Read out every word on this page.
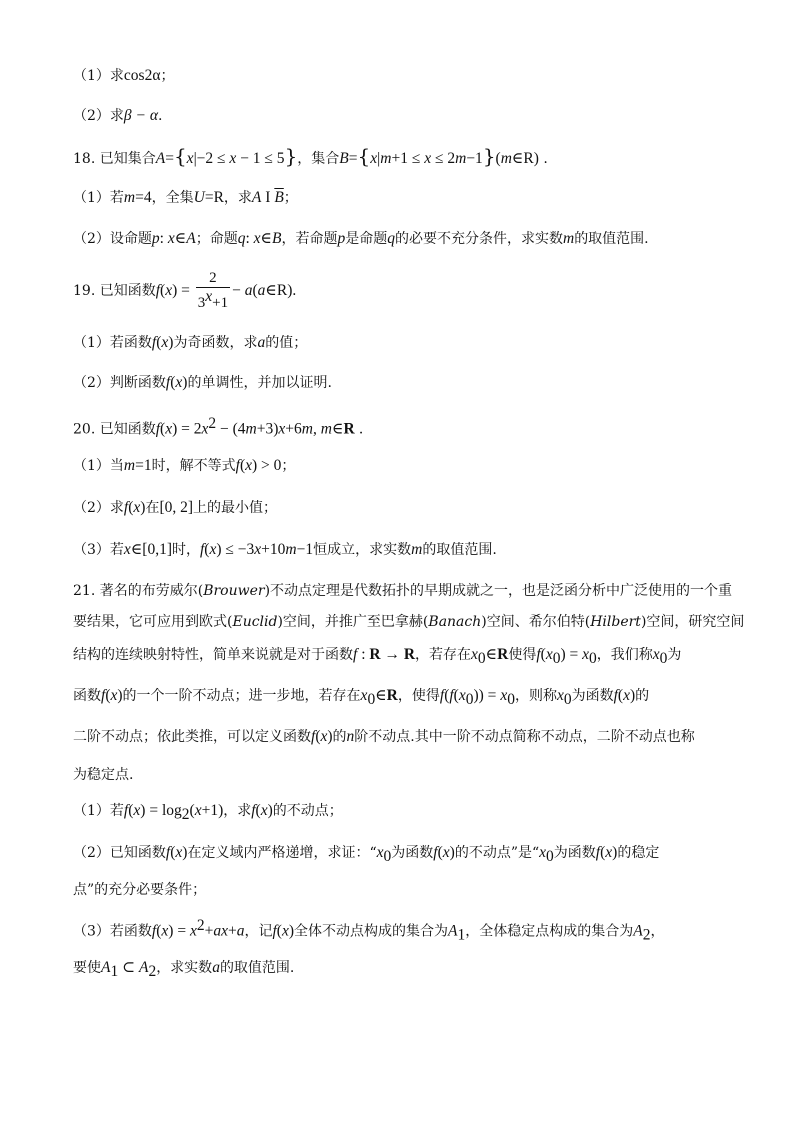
（1）求cos2α；
（2）求β − α.
18. 已知集合A={x|−2 ≤ x − 1 ≤ 5}，集合B={x|m+1 ≤ x ≤ 2m−1}(m∈R) .
（1）若m=4，全集U=R，求A I $\overline{B}$；
（2）设命题p: x∈A；命题q: x∈B，若命题p是命题q的必要不充分条件，求实数m的取值范围.
19. 已知函数$f(x) = \frac{2}{3^x+1}$ − a(a∈R).
（1）若函数f(x)为奇函数，求a的值；
（2）判断函数f(x)的单调性，并加以证明.
20. 已知函数$f(x) = 2x^2 - (4m+3)x+6m$, m∈R .
（1）当m=1时，解不等式f(x) > 0；
（2）求f(x)在[0, 2]上的最小值；
（3）若x∈[0,1]时，f(x) ≤ −3x+10m−1恒成立，求实数m的取值范围.
21. 著名的布劳威尔(Brouwer)不动点定理是代数拓扑的早期成就之一，也是泛函分析中广泛使用的一个重
要结果，它可应用到欧式(Euclid)空间，并推广至巴拿赫(Banach)空间、希尔伯特(Hilbert)空间，研究空间
结构的连续映射特性，简单来说就是对于函数f : R → R，若存在$x_0\in R$使得$f(x_0) = x_0$，我们称$x_0$为
函数f(x)的一个一阶不动点；进一步地，若存在$x_0\in R$，使得$f(f(x_0)) = x_0$，则称$x_0$为函数f(x)的
二阶不动点；依此类推，可以定义函数f(x)的n阶不动点.其中一阶不动点简称不动点，二阶不动点也称
为稳定点.
（1）若$f(x) = \log_2(x+1)$，求f(x)的不动点；
（2）已知函数f(x)在定义域内严格递增，求证：“$x_0$为函数f(x)的不动点”是“$x_0$为函数f(x)的稳定
点”的充分必要条件；
（3）若函数$f(x) = x^2+ax+a$，记f(x)全体不动点构成的集合为$A_1$，全体稳定点构成的集合为$A_2$，
要使$A_1$ ⊂ $A_2$，求实数a的取值范围.
